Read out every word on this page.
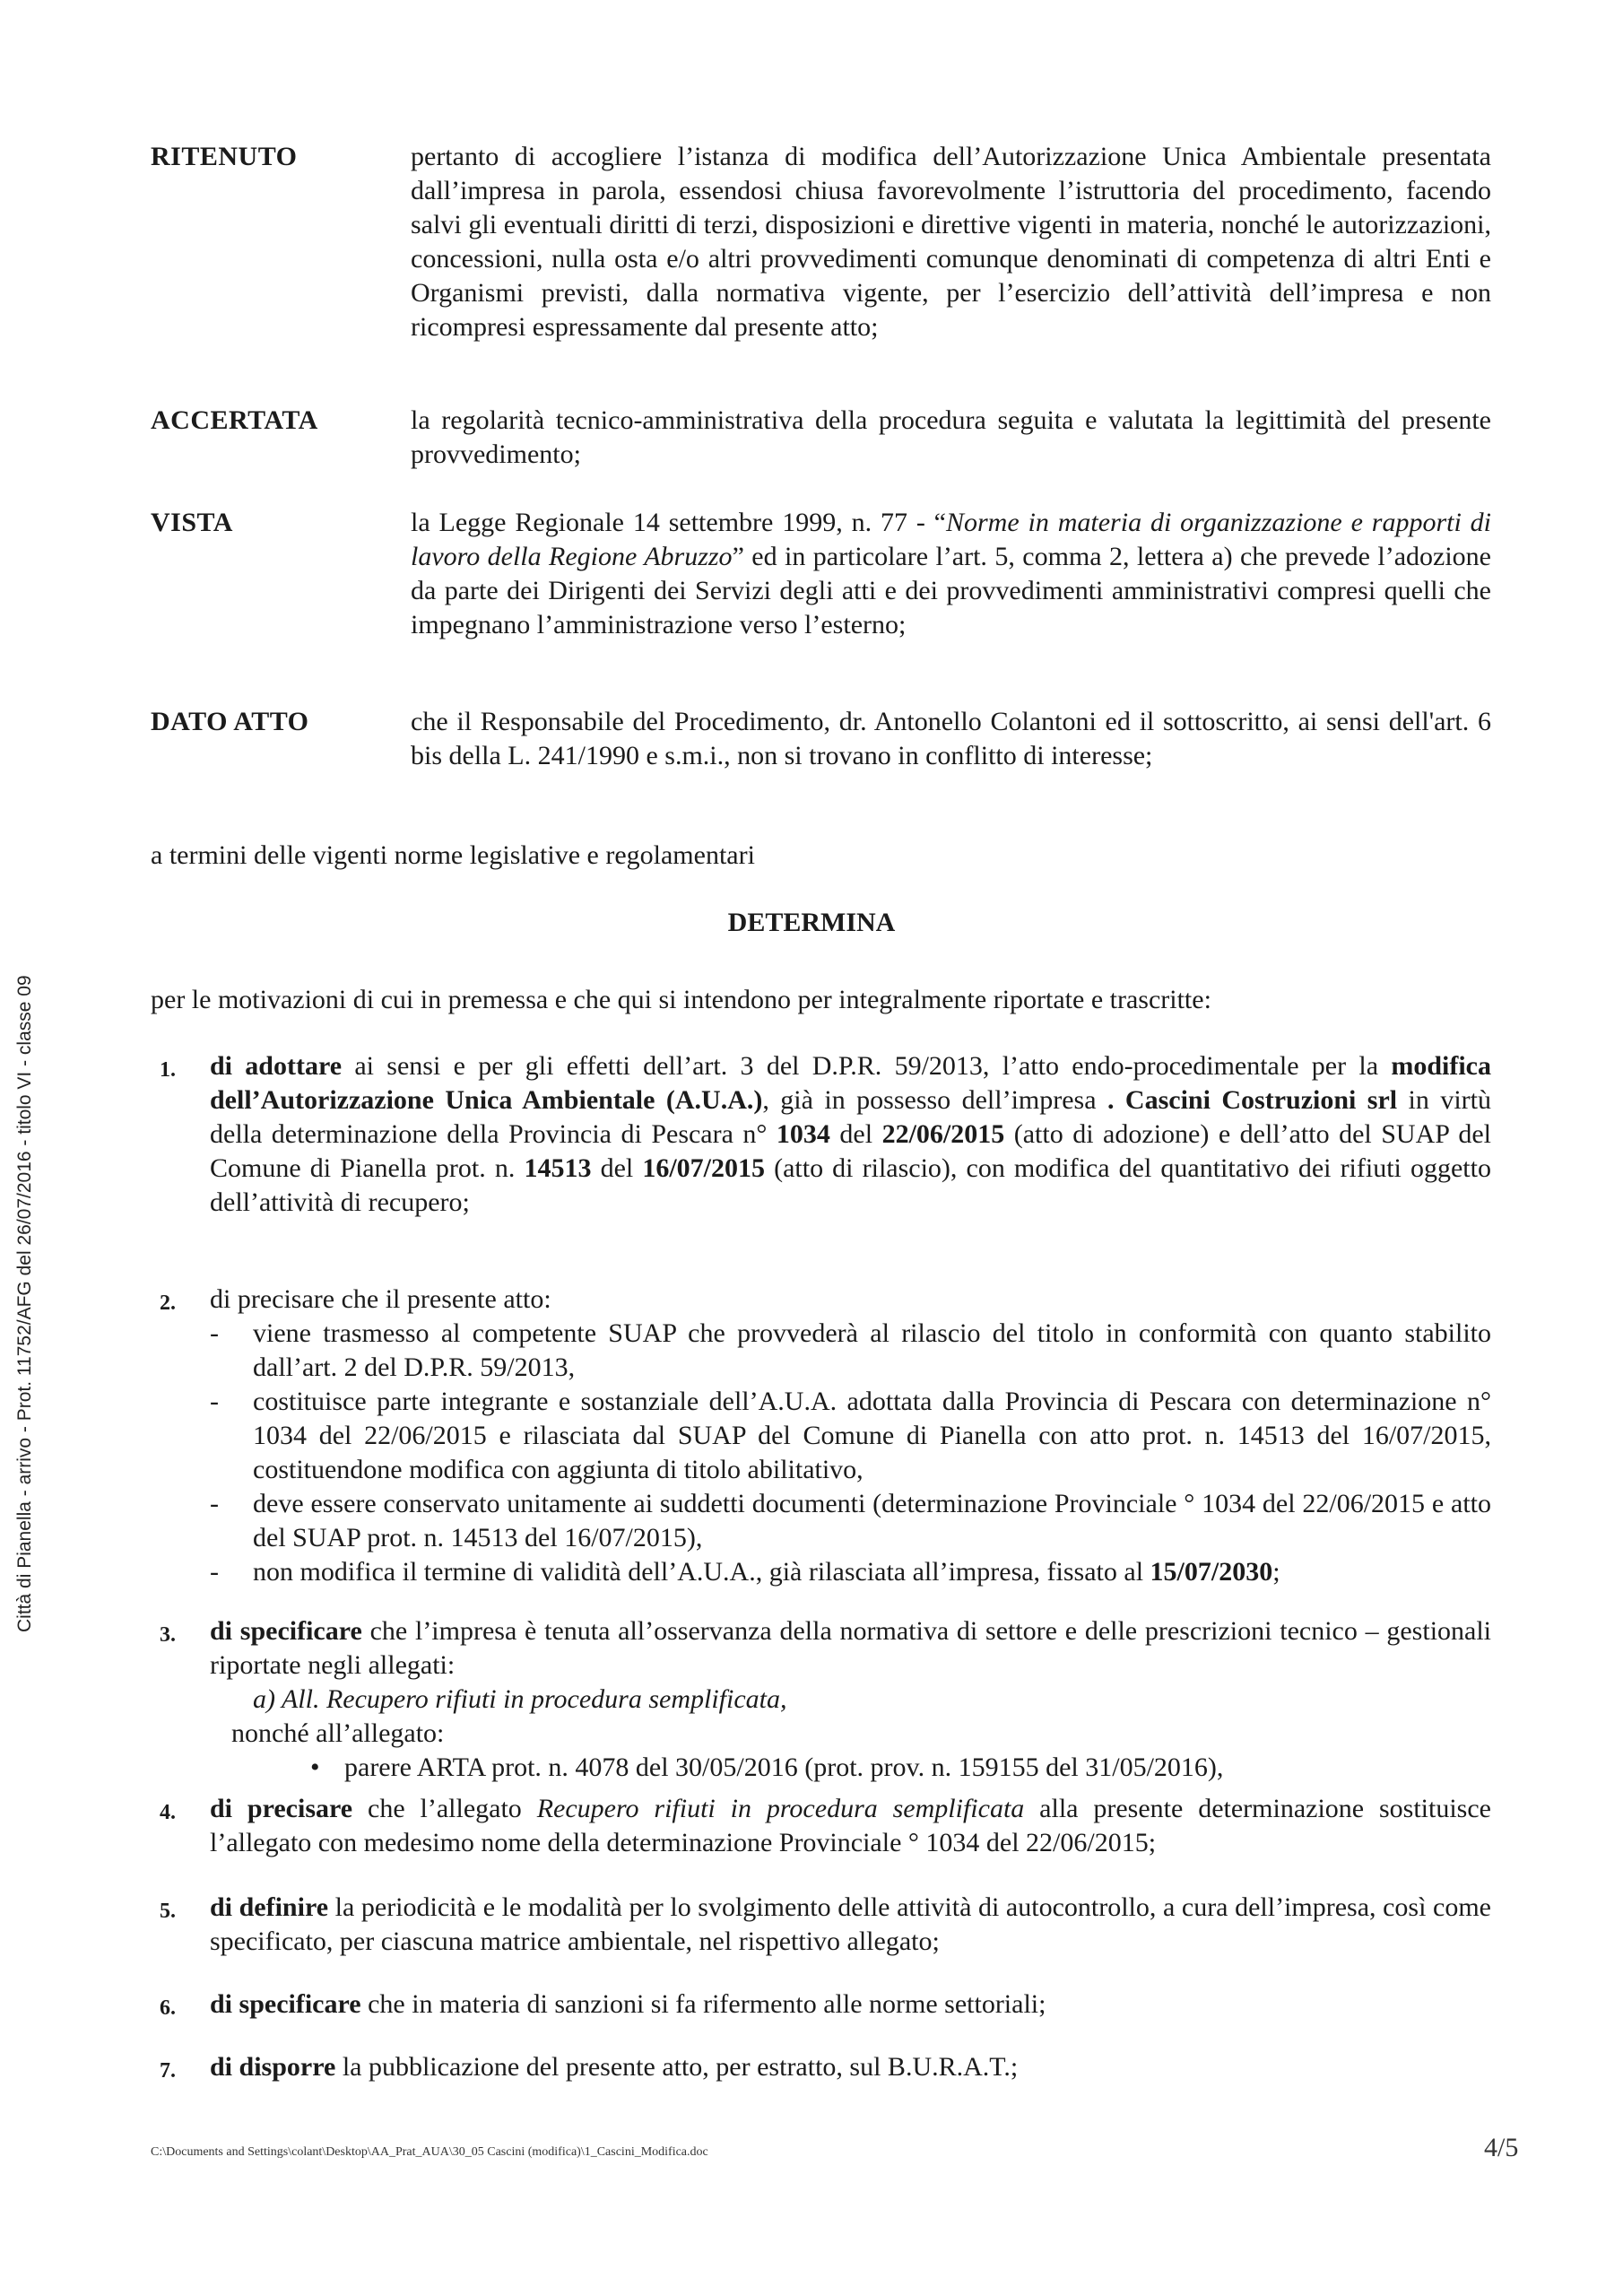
Città di Pianella - arrivo - Prot. 11752/AFG del 26/07/2016 - titolo VI - classe 09
RITENUTO	pertanto di accogliere l’istanza di modifica dell’Autorizzazione Unica Ambientale presentata dall’impresa in parola, essendosi chiusa favorevolmente l’istruttoria del procedimento, facendo salvi gli eventuali diritti di terzi, disposizioni e direttive vigenti in materia, nonché le autorizzazioni, concessioni, nulla osta e/o altri provvedimenti comunque denominati di competenza di altri Enti e Organismi previsti, dalla normativa vigente, per l’esercizio dell’attività dell’impresa e non ricompresi espressamente dal presente atto;
ACCERTATA	la regolarità tecnico-amministrativa della procedura seguita e valutata la legittimità del presente provvedimento;
VISTA	la Legge Regionale 14 settembre 1999, n. 77 - “Norme in materia di organizzazione e rapporti di lavoro della Regione Abruzzo” ed in particolare l’art. 5, comma 2, lettera a) che prevede l’adozione da parte dei Dirigenti dei Servizi degli atti e dei provvedimenti amministrativi compresi quelli che impegnano l’amministrazione verso l’esterno;
DATO ATTO	che il Responsabile del Procedimento, dr. Antonello Colantoni ed il sottoscritto, ai sensi dell'art. 6 bis della L. 241/1990 e s.m.i., non si trovano in conflitto di interesse;
a termini delle vigenti norme legislative e regolamentari
DETERMINA
per le motivazioni di cui in premessa e che qui si intendono per integralmente riportate e trascritte:
1. di adottare ai sensi e per gli effetti dell’art. 3 del D.P.R. 59/2013, l’atto endo-procedimentale per la modifica dell’Autorizzazione Unica Ambientale (A.U.A.), già in possesso dell’impresa . Cascini Costruzioni srl in virtù della determinazione della Provincia di Pescara n° 1034 del 22/06/2015 (atto di adozione) e dell’atto del SUAP del Comune di Pianella prot. n. 14513 del 16/07/2015 (atto di rilascio), con modifica del quantitativo dei rifiuti oggetto dell’attività di recupero;
2. di precisare che il presente atto:
- viene trasmesso al competente SUAP che provvederà al rilascio del titolo in conformità con quanto stabilito dall’art. 2 del D.P.R. 59/2013,
- costituisce parte integrante e sostanziale dell’A.U.A. adottata dalla Provincia di Pescara con determinazione n° 1034 del 22/06/2015 e rilasciata dal SUAP del Comune di Pianella con atto prot. n. 14513 del 16/07/2015, costituendone modifica con aggiunta di titolo abilitativo,
- deve essere conservato unitamente ai suddetti documenti (determinazione Provinciale ° 1034 del 22/06/2015 e atto del SUAP prot. n. 14513 del 16/07/2015),
- non modifica il termine di validità dell’A.U.A., già rilasciata all’impresa, fissato al 15/07/2030;
3. di specificare che l’impresa è tenuta all’osservanza della normativa di settore e delle prescrizioni tecnico – gestionali riportate negli allegati:
a) All. Recupero rifiuti in procedura semplificata,
nonché all’allegato:
• parere ARTA prot. n. 4078 del 30/05/2016 (prot. prov. n. 159155 del 31/05/2016),
4. di precisare che l’allegato Recupero rifiuti in procedura semplificata alla presente determinazione sostituisce l’allegato con medesimo nome della determinazione Provinciale ° 1034 del 22/06/2015;
5. di definire la periodicità e le modalità per lo svolgimento delle attività di autocontrollo, a cura dell’impresa, così come specificato, per ciascuna matrice ambientale, nel rispettivo allegato;
6. di specificare che in materia di sanzioni si fa rifermento alle norme settoriali;
7. di disporre la pubblicazione del presente atto, per estratto, sul B.U.R.A.T.;
C:\Documents and Settings\colant\Desktop\AA_Prat_AUA\30_05 Cascini (modifica)\1_Cascini_Modifica.doc	4/5
